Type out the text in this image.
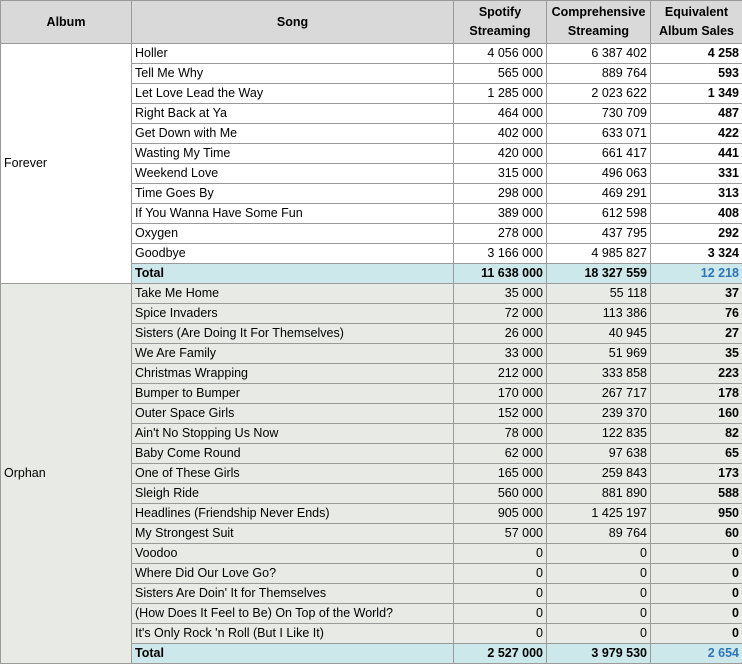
Album	Song	Spotify Streaming	Comprehensive Streaming	Equivalent Album Sales
Forever	Holler	4 056 000	6 387 402	4 258
	Tell Me Why	565 000	889 764	593
	Let Love Lead the Way	1 285 000	2 023 622	1 349
	Right Back at Ya	464 000	730 709	487
	Get Down with Me	402 000	633 071	422
	Wasting My Time	420 000	661 417	441
	Weekend Love	315 000	496 063	331
	Time Goes By	298 000	469 291	313
	If You Wanna Have Some Fun	389 000	612 598	408
	Oxygen	278 000	437 795	292
	Goodbye	3 166 000	4 985 827	3 324
	Total	11 638 000	18 327 559	12 218
Orphan	Take Me Home	35 000	55 118	37
	Spice Invaders	72 000	113 386	76
	Sisters (Are Doing It For Themselves)	26 000	40 945	27
	We Are Family	33 000	51 969	35
	Christmas Wrapping	212 000	333 858	223
	Bumper to Bumper	170 000	267 717	178
	Outer Space Girls	152 000	239 370	160
	Ain't No Stopping Us Now	78 000	122 835	82
	Baby Come Round	62 000	97 638	65
	One of These Girls	165 000	259 843	173
	Sleigh Ride	560 000	881 890	588
	Headlines (Friendship Never Ends)	905 000	1 425 197	950
	My Strongest Suit	57 000	89 764	60
	Voodoo	0	0	0
	Where Did Our Love Go?	0	0	0
	Sisters Are Doin' It for Themselves	0	0	0
	(How Does It Feel to Be) On Top of the World?	0	0	0
	It's Only Rock 'n Roll (But I Like It)	0	0	0
	Total	2 527 000	3 979 530	2 654
